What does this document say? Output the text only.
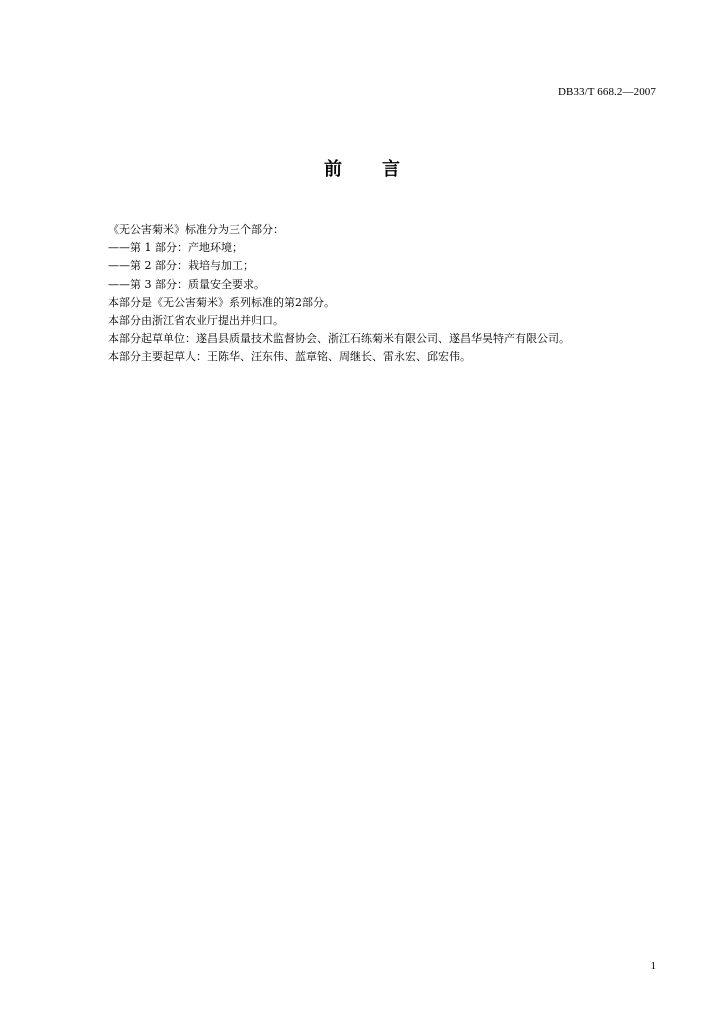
DB33/T 668.2—2007
前 言
《无公害菊米》标准分为三个部分：
——第 1 部分：产地环境；
——第 2 部分：栽培与加工；
——第 3 部分：质量安全要求。
本部分是《无公害菊米》系列标准的第2部分。
本部分由浙江省农业厅提出并归口。
本部分起草单位：遂昌县质量技术监督协会、浙江石练菊米有限公司、遂昌华昊特产有限公司。
本部分主要起草人：王陈华、汪东伟、蓝章铭、周继长、雷永宏、邱宏伟。
1
